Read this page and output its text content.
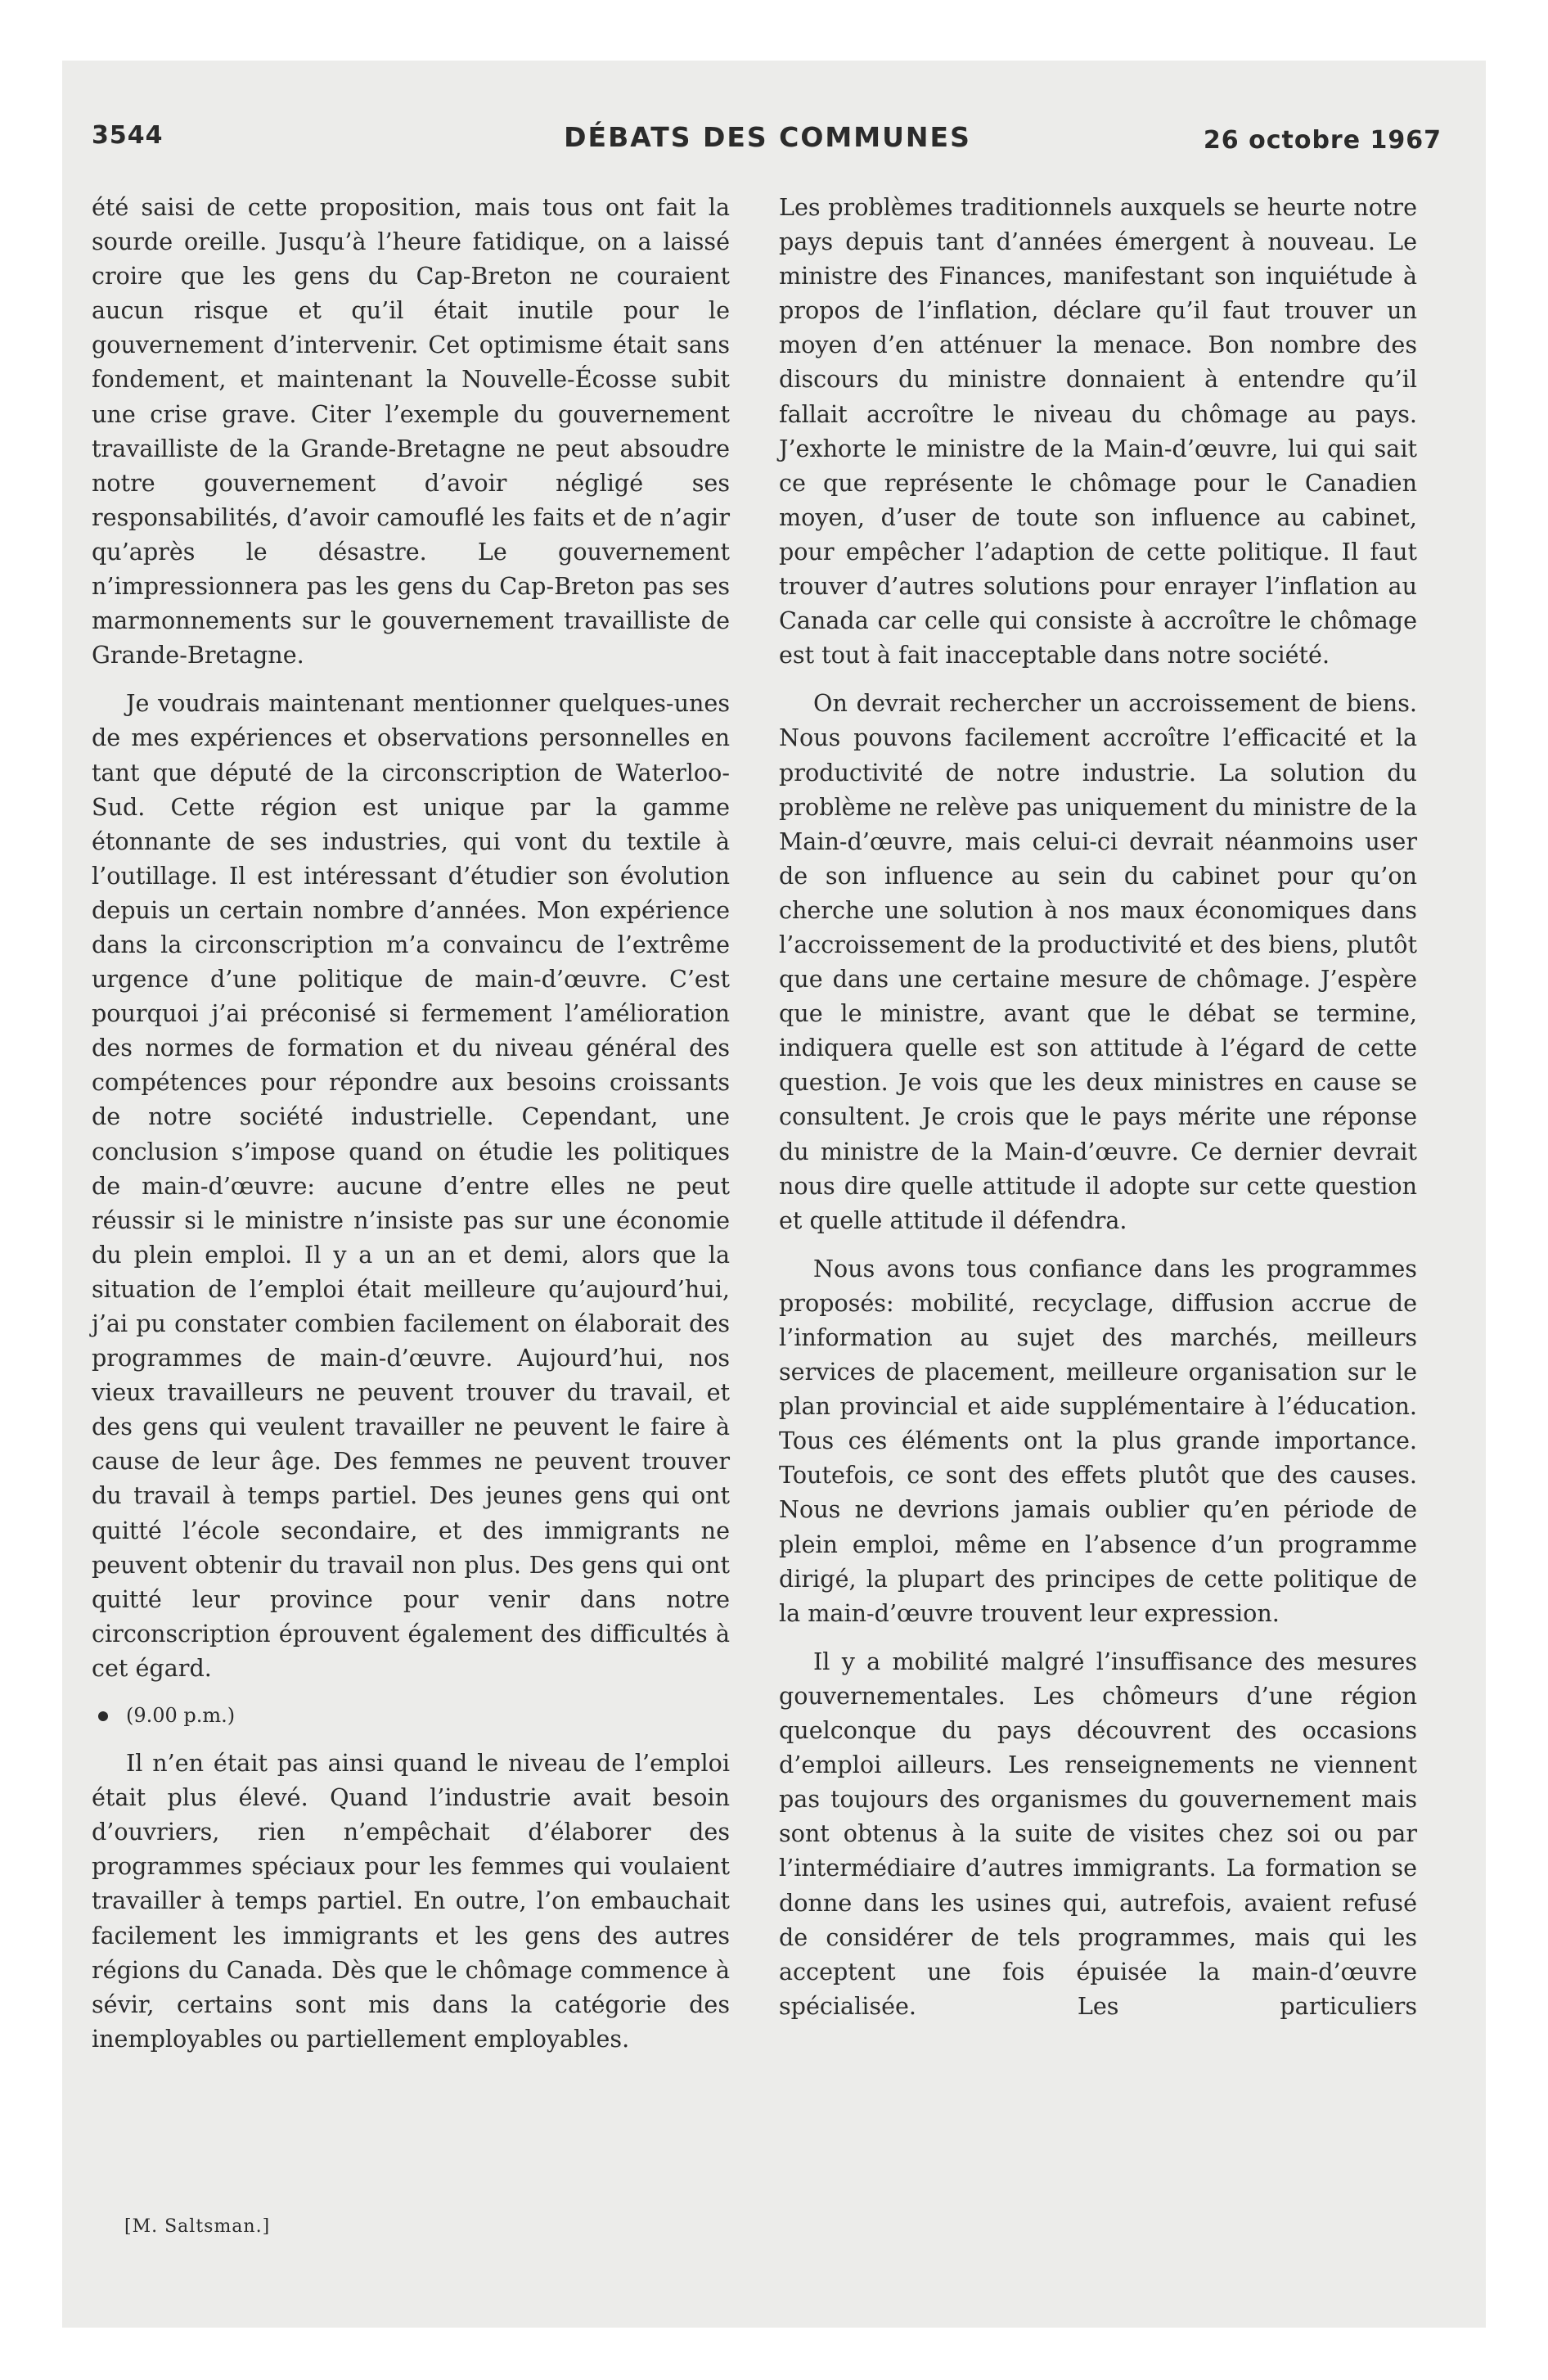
3544	DÉBATS DES COMMUNES	26 octobre 1967

été saisi de cette proposition, mais tous ont fait la sourde oreille. Jusqu’à l’heure fatidique, on a laissé croire que les gens du Cap-Breton ne couraient aucun risque et qu’il était inutile pour le gouvernement d’intervenir. Cet optimisme était sans fondement, et maintenant la Nouvelle-Écosse subit une crise grave. Citer l’exemple du gouvernement travailliste de la Grande-Bretagne ne peut absoudre notre gouvernement d’avoir négligé ses responsabilités, d’avoir camouflé les faits et de n’agir qu’après le désastre. Le gouvernement n’impressionnera pas les gens du Cap-Breton pas ses marmonnements sur le gouvernement travailliste de Grande-Bretagne.

Je voudrais maintenant mentionner quelques-unes de mes expériences et observations personnelles en tant que député de la circonscription de Waterloo-Sud. Cette région est unique par la gamme étonnante de ses industries, qui vont du textile à l’outillage. Il est intéressant d’étudier son évolution depuis un certain nombre d’années. Mon expérience dans la circonscription m’a convaincu de l’extrême urgence d’une politique de main-d’œuvre. C’est pourquoi j’ai préconisé si fermement l’amélioration des normes de formation et du niveau général des compétences pour répondre aux besoins croissants de notre société industrielle. Cependant, une conclusion s’impose quand on étudie les politiques de main-d’œuvre: aucune d’entre elles ne peut réussir si le ministre n’insiste pas sur une économie du plein emploi. Il y a un an et demi, alors que la situation de l’emploi était meilleure qu’aujourd’hui, j’ai pu constater combien facilement on élaborait des programmes de main-d’œuvre. Aujourd’hui, nos vieux travailleurs ne peuvent trouver du travail, et des gens qui veulent travailler ne peuvent le faire à cause de leur âge. Des femmes ne peuvent trouver du travail à temps partiel. Des jeunes gens qui ont quitté l’école secondaire, et des immigrants ne peuvent obtenir du travail non plus. Des gens qui ont quitté leur province pour venir dans notre circonscription éprouvent également des difficultés à cet égard.

(9.00 p.m.)

Il n’en était pas ainsi quand le niveau de l’emploi était plus élevé. Quand l’industrie avait besoin d’ouvriers, rien n’empêchait d’élaborer des programmes spéciaux pour les femmes qui voulaient travailler à temps partiel. En outre, l’on embauchait facilement les immigrants et les gens des autres régions du Canada. Dès que le chômage commence à sévir, certains sont mis dans la catégorie des inemployables ou partiellement employables.

Les problèmes traditionnels auxquels se heurte notre pays depuis tant d’années émergent à nouveau. Le ministre des Finances, manifestant son inquiétude à propos de l’inflation, déclare qu’il faut trouver un moyen d’en atténuer la menace. Bon nombre des discours du ministre donnaient à entendre qu’il fallait accroître le niveau du chômage au pays. J’exhorte le ministre de la Main-d’œuvre, lui qui sait ce que représente le chômage pour le Canadien moyen, d’user de toute son influence au cabinet, pour empêcher l’adaption de cette politique. Il faut trouver d’autres solutions pour enrayer l’inflation au Canada car celle qui consiste à accroître le chômage est tout à fait inacceptable dans notre société.

On devrait rechercher un accroissement de biens. Nous pouvons facilement accroître l’efficacité et la productivité de notre industrie. La solution du problème ne relève pas uniquement du ministre de la Main-d’œuvre, mais celui-ci devrait néanmoins user de son influence au sein du cabinet pour qu’on cherche une solution à nos maux économiques dans l’accroissement de la productivité et des biens, plutôt que dans une certaine mesure de chômage. J’espère que le ministre, avant que le débat se termine, indiquera quelle est son attitude à l’égard de cette question. Je vois que les deux ministres en cause se consultent. Je crois que le pays mérite une réponse du ministre de la Main-d’œuvre. Ce dernier devrait nous dire quelle attitude il adopte sur cette question et quelle attitude il défendra.

Nous avons tous confiance dans les programmes proposés: mobilité, recyclage, diffusion accrue de l’information au sujet des marchés, meilleurs services de placement, meilleure organisation sur le plan provincial et aide supplémentaire à l’éducation. Tous ces éléments ont la plus grande importance. Toutefois, ce sont des effets plutôt que des causes. Nous ne devrions jamais oublier qu’en période de plein emploi, même en l’absence d’un programme dirigé, la plupart des principes de cette politique de la main-d’œuvre trouvent leur expression.

Il y a mobilité malgré l’insuffisance des mesures gouvernementales. Les chômeurs d’une région quelconque du pays découvrent des occasions d’emploi ailleurs. Les renseignements ne viennent pas toujours des organismes du gouvernement mais sont obtenus à la suite de visites chez soi ou par l’intermédiaire d’autres immigrants. La formation se donne dans les usines qui, autrefois, avaient refusé de considérer de tels programmes, mais qui les acceptent une fois épuisée la main-d’œuvre spécialisée. Les particuliers

[M. Saltsman.]
